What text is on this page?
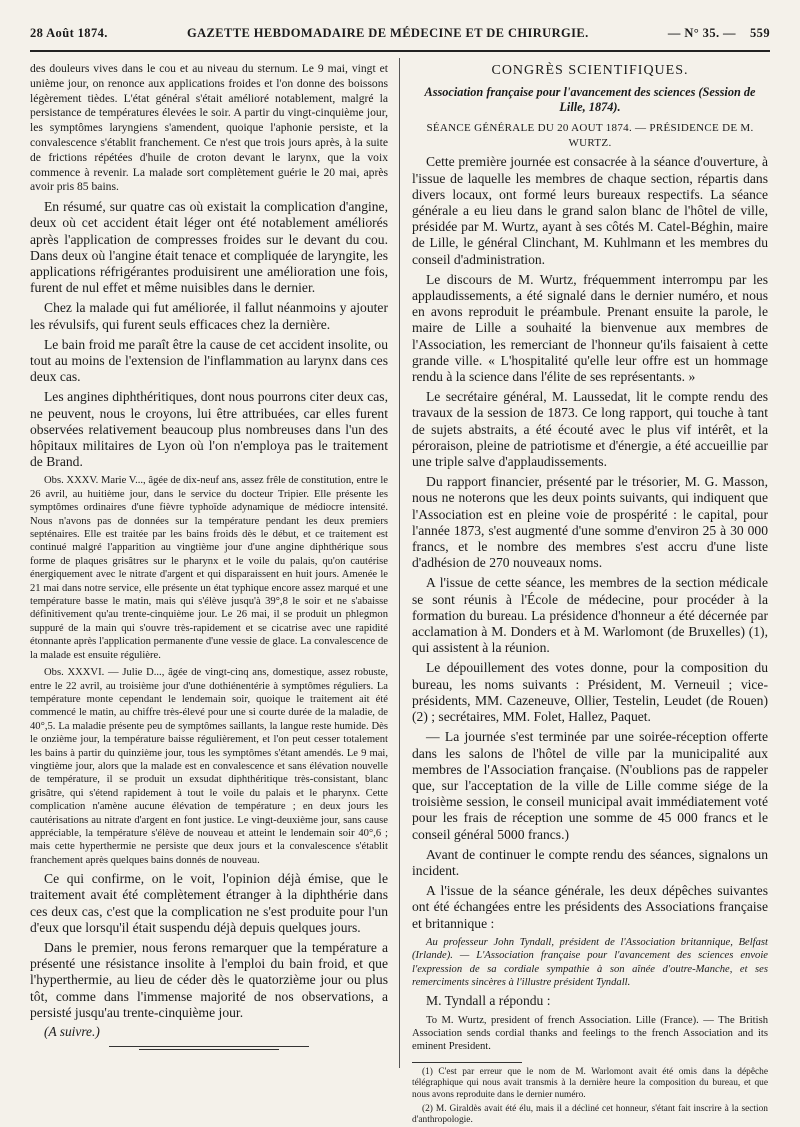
28 Août 1874.	GAZETTE HEBDOMADAIRE DE MÉDECINE ET DE CHIRURGIE.	— N° 35. — 559

des douleurs vives dans le cou et au niveau du sternum. Le 9 mai, vingt et unième jour, on renonce aux applications froides et l'on donne des boissons légèrement tièdes. L'état général s'était amélioré notablement, malgré la persistance de températures élevées le soir. A partir du vingt-cinquième jour, les symptômes laryngiens s'amendent, quoique l'aphonie persiste, et la convalescence s'établit franchement. Ce n'est que trois jours après, à la suite de frictions répétées d'huile de croton devant le larynx, que la voix commence à revenir. La malade sort complètement guérie le 20 mai, après avoir pris 85 bains.

En résumé, sur quatre cas où existait la complication d'angine, deux où cet accident était léger ont été notablement améliorés après l'application de compresses froides sur le devant du cou. Dans deux où l'angine était tenace et compliquée de laryngite, les applications réfrigérantes produisirent une amélioration une fois, furent de nul effet et même nuisibles dans le dernier.

Chez la malade qui fut améliorée, il fallut néanmoins y ajouter les révulsifs, qui furent seuls efficaces chez la dernière.

Le bain froid me paraît être la cause de cet accident insolite, ou tout au moins de l'extension de l'inflammation au larynx dans ces deux cas.

Les angines diphthéritiques, dont nous pourrons citer deux cas, ne peuvent, nous le croyons, lui être attribuées, car elles furent observées relativement beaucoup plus nombreuses dans l'un des hôpitaux militaires de Lyon où l'on n'employa pas le traitement de Brand.

Obs. XXXV. Marie V..., âgée de dix-neuf ans, assez frêle de constitution, entre le 26 avril, au huitième jour, dans le service du docteur Tripier. Elle présente les symptômes ordinaires d'une fièvre typhoïde adynamique de médiocre intensité. Nous n'avons pas de données sur la température pendant les deux premiers septénaires. Elle est traitée par les bains froids dès le début, et ce traitement est continué malgré l'apparition au vingtième jour d'une angine diphthérique sous forme de plaques grisâtres sur le pharynx et le voile du palais, qu'on cautérise énergiquement avec le nitrate d'argent et qui disparaissent en huit jours. Amenée le 21 mai dans notre service, elle présente un état typhique encore assez marqué et une température basse le matin, mais qui s'élève jusqu'à 39°,8 le soir et ne s'abaisse définitivement qu'au trente-cinquième jour. Le 26 mai, il se produit un phlegmon suppuré de la main qui s'ouvre très-rapidement et se cicatrise avec une rapidité étonnante après l'application permanente d'une vessie de glace. La convalescence de la malade est ensuite régulière.

Obs. XXXVI. — Julie D..., âgée de vingt-cinq ans, domestique, assez robuste, entre le 22 avril, au troisième jour d'une dothiénentérie à symptômes réguliers. La température monte cependant le lendemain soir, quoique le traitement ait été commencé le matin, au chiffre très-élevé pour une si courte durée de la maladie, de 40°,5. La maladie présente peu de symptômes saillants, la langue reste humide. Dès le onzième jour, la température baisse régulièrement, et l'on peut cesser totalement les bains à partir du quinzième jour, tous les symptômes s'étant amendés. Le 9 mai, vingtième jour, alors que la malade est en convalescence et sans élévation nouvelle de température, il se produit un exsudat diphthéritique très-consistant, blanc grisâtre, qui s'étend rapidement à tout le voile du palais et le pharynx. Cette complication n'amène aucune élévation de température ; en deux jours les cautérisations au nitrate d'argent en font justice. Le vingt-deuxième jour, sans cause appréciable, la température s'élève de nouveau et atteint le lendemain soir 40°,6 ; mais cette hyperthermie ne persiste que deux jours et la convalescence s'établit franchement après quelques bains donnés de nouveau.

Ce qui confirme, on le voit, l'opinion déjà émise, que le traitement avait été complètement étranger à la diphthérie dans ces deux cas, c'est que la complication ne s'est produite pour l'un d'eux que lorsqu'il était suspendu déjà depuis quelques jours.

Dans le premier, nous ferons remarquer que la température a présenté une résistance insolite à l'emploi du bain froid, et que l'hyperthermie, au lieu de céder dès le quatorzième jour ou plus tôt, comme dans l'immense majorité de nos observations, a persisté jusqu'au trente-cinquième jour.

(A suivre.)
CONGRÈS SCIENTIFIQUES.
Association française pour l'avancement des sciences (Session de Lille, 1874).
SÉANCE GÉNÉRALE DU 20 AOUT 1874. — PRÉSIDENCE DE M. WURTZ.

Cette première journée est consacrée à la séance d'ouverture, à l'issue de laquelle les membres de chaque section, répartis dans divers locaux, ont formé leurs bureaux respectifs. La séance générale a eu lieu dans le grand salon blanc de l'hôtel de ville, présidée par M. Wurtz, ayant à ses côtés M. Catel-Béghin, maire de Lille, le général Clinchant, M. Kuhlmann et les membres du conseil d'administration.

Le discours de M. Wurtz, fréquemment interrompu par les applaudissements, a été signalé dans le dernier numéro, et nous en avons reproduit le préambule. Prenant ensuite la parole, le maire de Lille a souhaité la bienvenue aux membres de l'Association, les remerciant de l'honneur qu'ils faisaient à cette grande ville. « L'hospitalité qu'elle leur offre est un hommage rendu à la science dans l'élite de ses représentants. »

Le secrétaire général, M. Laussedat, lit le compte rendu des travaux de la session de 1873. Ce long rapport, qui touche à tant de sujets abstraits, a été écouté avec le plus vif intérêt, et la péroraison, pleine de patriotisme et d'énergie, a été accueillie par une triple salve d'applaudissements.

Du rapport financier, présenté par le trésorier, M. G. Masson, nous ne noterons que les deux points suivants, qui indiquent que l'Association est en pleine voie de prospérité : le capital, pour l'année 1873, s'est augmenté d'une somme d'environ 25 à 30 000 francs, et le nombre des membres s'est accru d'une liste d'adhésion de 270 nouveaux noms.

A l'issue de cette séance, les membres de la section médicale se sont réunis à l'École de médecine, pour procéder à la formation du bureau. La présidence d'honneur a été décernée par acclamation à M. Donders et à M. Warlomont (de Bruxelles) (1), qui assistent à la réunion.

Le dépouillement des votes donne, pour la composition du bureau, les noms suivants : Président, M. Verneuil ; vice-présidents, MM. Cazeneuve, Ollier, Testelin, Leudet (de Rouen) (2) ; secrétaires, MM. Folet, Hallez, Paquet.

— La journée s'est terminée par une soirée-réception offerte dans les salons de l'hôtel de ville par la municipalité aux membres de l'Association française. (N'oublions pas de rappeler que, sur l'acceptation de la ville de Lille comme siége de la troisième session, le conseil municipal avait immédiatement voté pour les frais de réception une somme de 45 000 francs et le conseil général 5000 francs.)

Avant de continuer le compte rendu des séances, signalons un incident.

A l'issue de la séance générale, les deux dépêches suivantes ont été échangées entre les présidents des Associations française et britannique :

Au professeur John Tyndall, président de l'Association britannique, Belfast (Irlande). — L'Association française pour l'avancement des sciences envoie l'expression de sa cordiale sympathie à son aînée d'outre-Manche, et ses remerciments sincères à l'illustre président Tyndall.

M. Tyndall a répondu :

To M. Wurtz, president of french Association. Lille (France). — The British Association sends cordial thanks and feelings to the french Association and its eminent President.

(1) C'est par erreur que le nom de M. Warlomont avait été omis dans la dépêche télégraphique qui nous avait transmis à la dernière heure la composition du bureau, et que nous avons reproduite dans le dernier numéro.

(2) M. Giraldès avait été élu, mais il a décliné cet honneur, s'étant fait inscrire à la section d'anthropologie.
